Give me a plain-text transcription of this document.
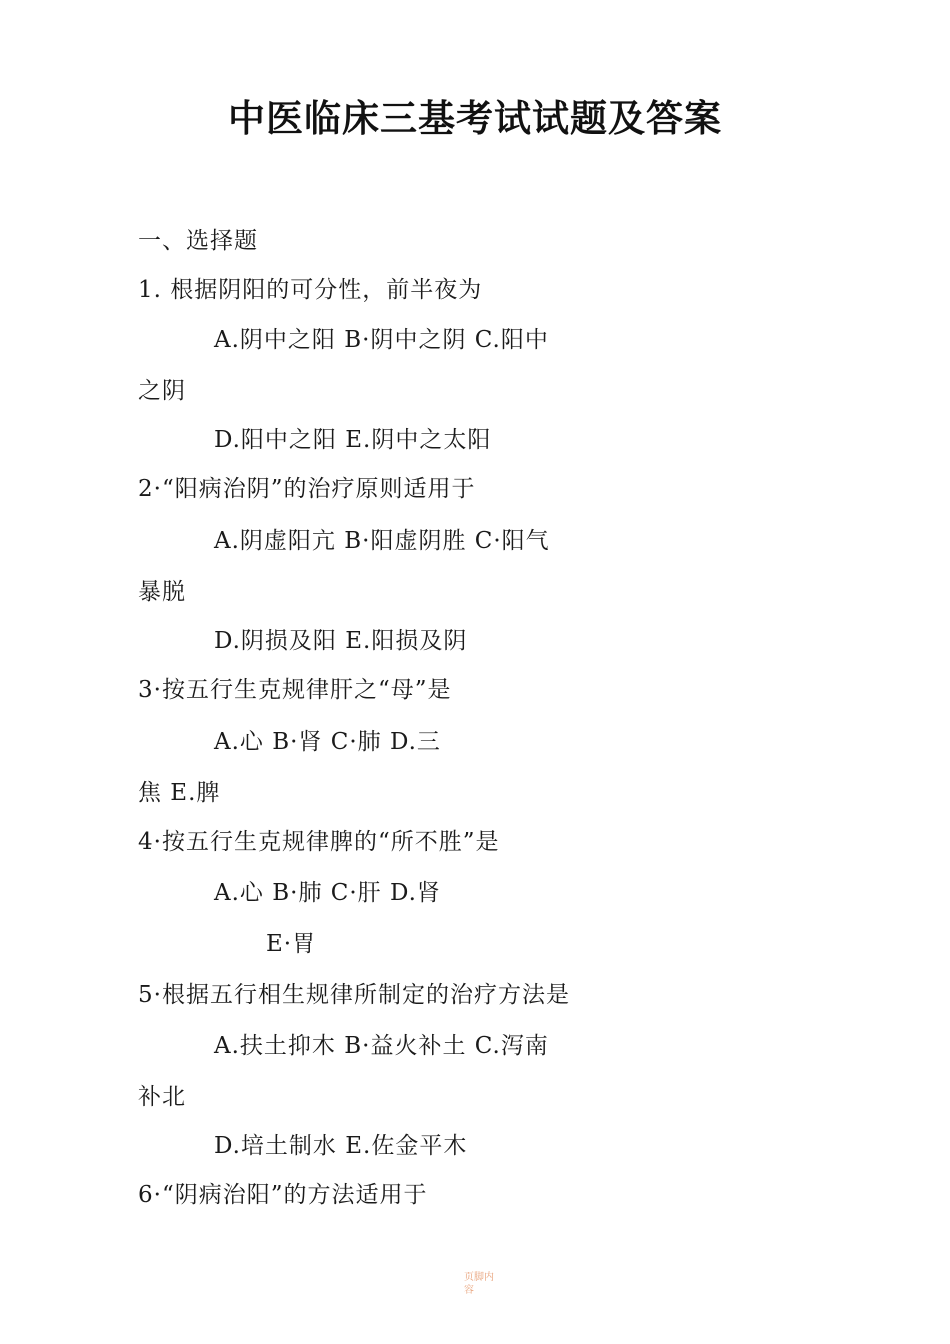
中医临床三基考试试题及答案
一、选择题
1. 根据阴阳的可分性，前半夜为
A.阴中之阳 B·阴中之阴 C.阳中
之阴
D.阳中之阳 E.阴中之太阳
2·“阳病治阴”的治疗原则适用于
A.阴虚阳亢 B·阳虚阴胜 C·阳气
暴脱
D.阴损及阳 E.阳损及阴
3·按五行生克规律肝之“母”是
A.心 B·肾 C·肺 D.三
焦 E.脾
4·按五行生克规律脾的“所不胜”是
A.心 B·肺 C·肝 D.肾
E·胃
5·根据五行相生规律所制定的治疗方法是
A.扶土抑木 B·益火补土 C.泻南
补北
D.培土制水 E.佐金平木
6·“阴病治阳”的方法适用于
页脚内容
